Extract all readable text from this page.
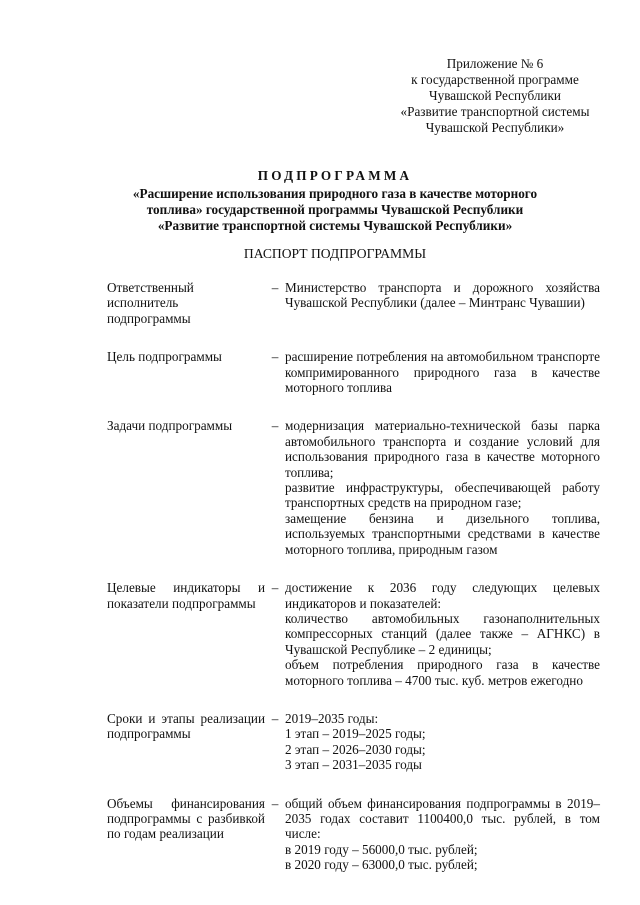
Приложение № 6
к государственной программе
Чувашской Республики
«Развитие транспортной системы
Чувашской Республики»
ПОДПРОГРАММА
«Расширение использования природного газа в качестве моторного
топлива» государственной программы Чувашской Республики
«Развитие транспортной системы Чувашской Республики»
ПАСПОРТ ПОДПРОГРАММЫ
Ответственный исполнитель подпрограммы
– Министерство транспорта и дорожного хозяйства Чувашской Республики (далее – Минтранс Чувашии)

Цель подпрограммы	– расширение потребления на автомобильном транспорте компримированного природного газа в качестве моторного топлива

Задачи подпрограммы	– модернизация материально-технической базы парка автомобильного транспорта и создание условий для использования природного газа в качестве моторного топлива;

развитие инфраструктуры, обеспечивающей работу транспортных средств на природном газе;

замещение бензина и дизельного топлива, используемых транспортными средствами в качестве моторного топлива, природным газом

Целевые индикаторы и показатели подпрограммы
– достижение к 2036 году следующих целевых индикаторов и показателей:

количество автомобильных газонаполнительных компрессорных станций (далее также – АГНКС) в Чувашской Республике – 2 единицы;

объем потребления природного газа в качестве моторного топлива – 4700 тыс. куб. метров ежегодно

Сроки и этапы реализации подпрограммы
– 2019–2035 годы:

1 этап – 2019–2025 годы;

2 этап – 2026–2030 годы;

3 этап – 2031–2035 годы

Объемы финансирования подпрограммы с разбивкой по годам реализации
– общий объем финансирования подпрограммы в 2019–2035 годах составит 1100400,0 тыс. рублей, в том числе:

в 2019 году – 56000,0 тыс. рублей;

в 2020 году – 63000,0 тыс. рублей;
